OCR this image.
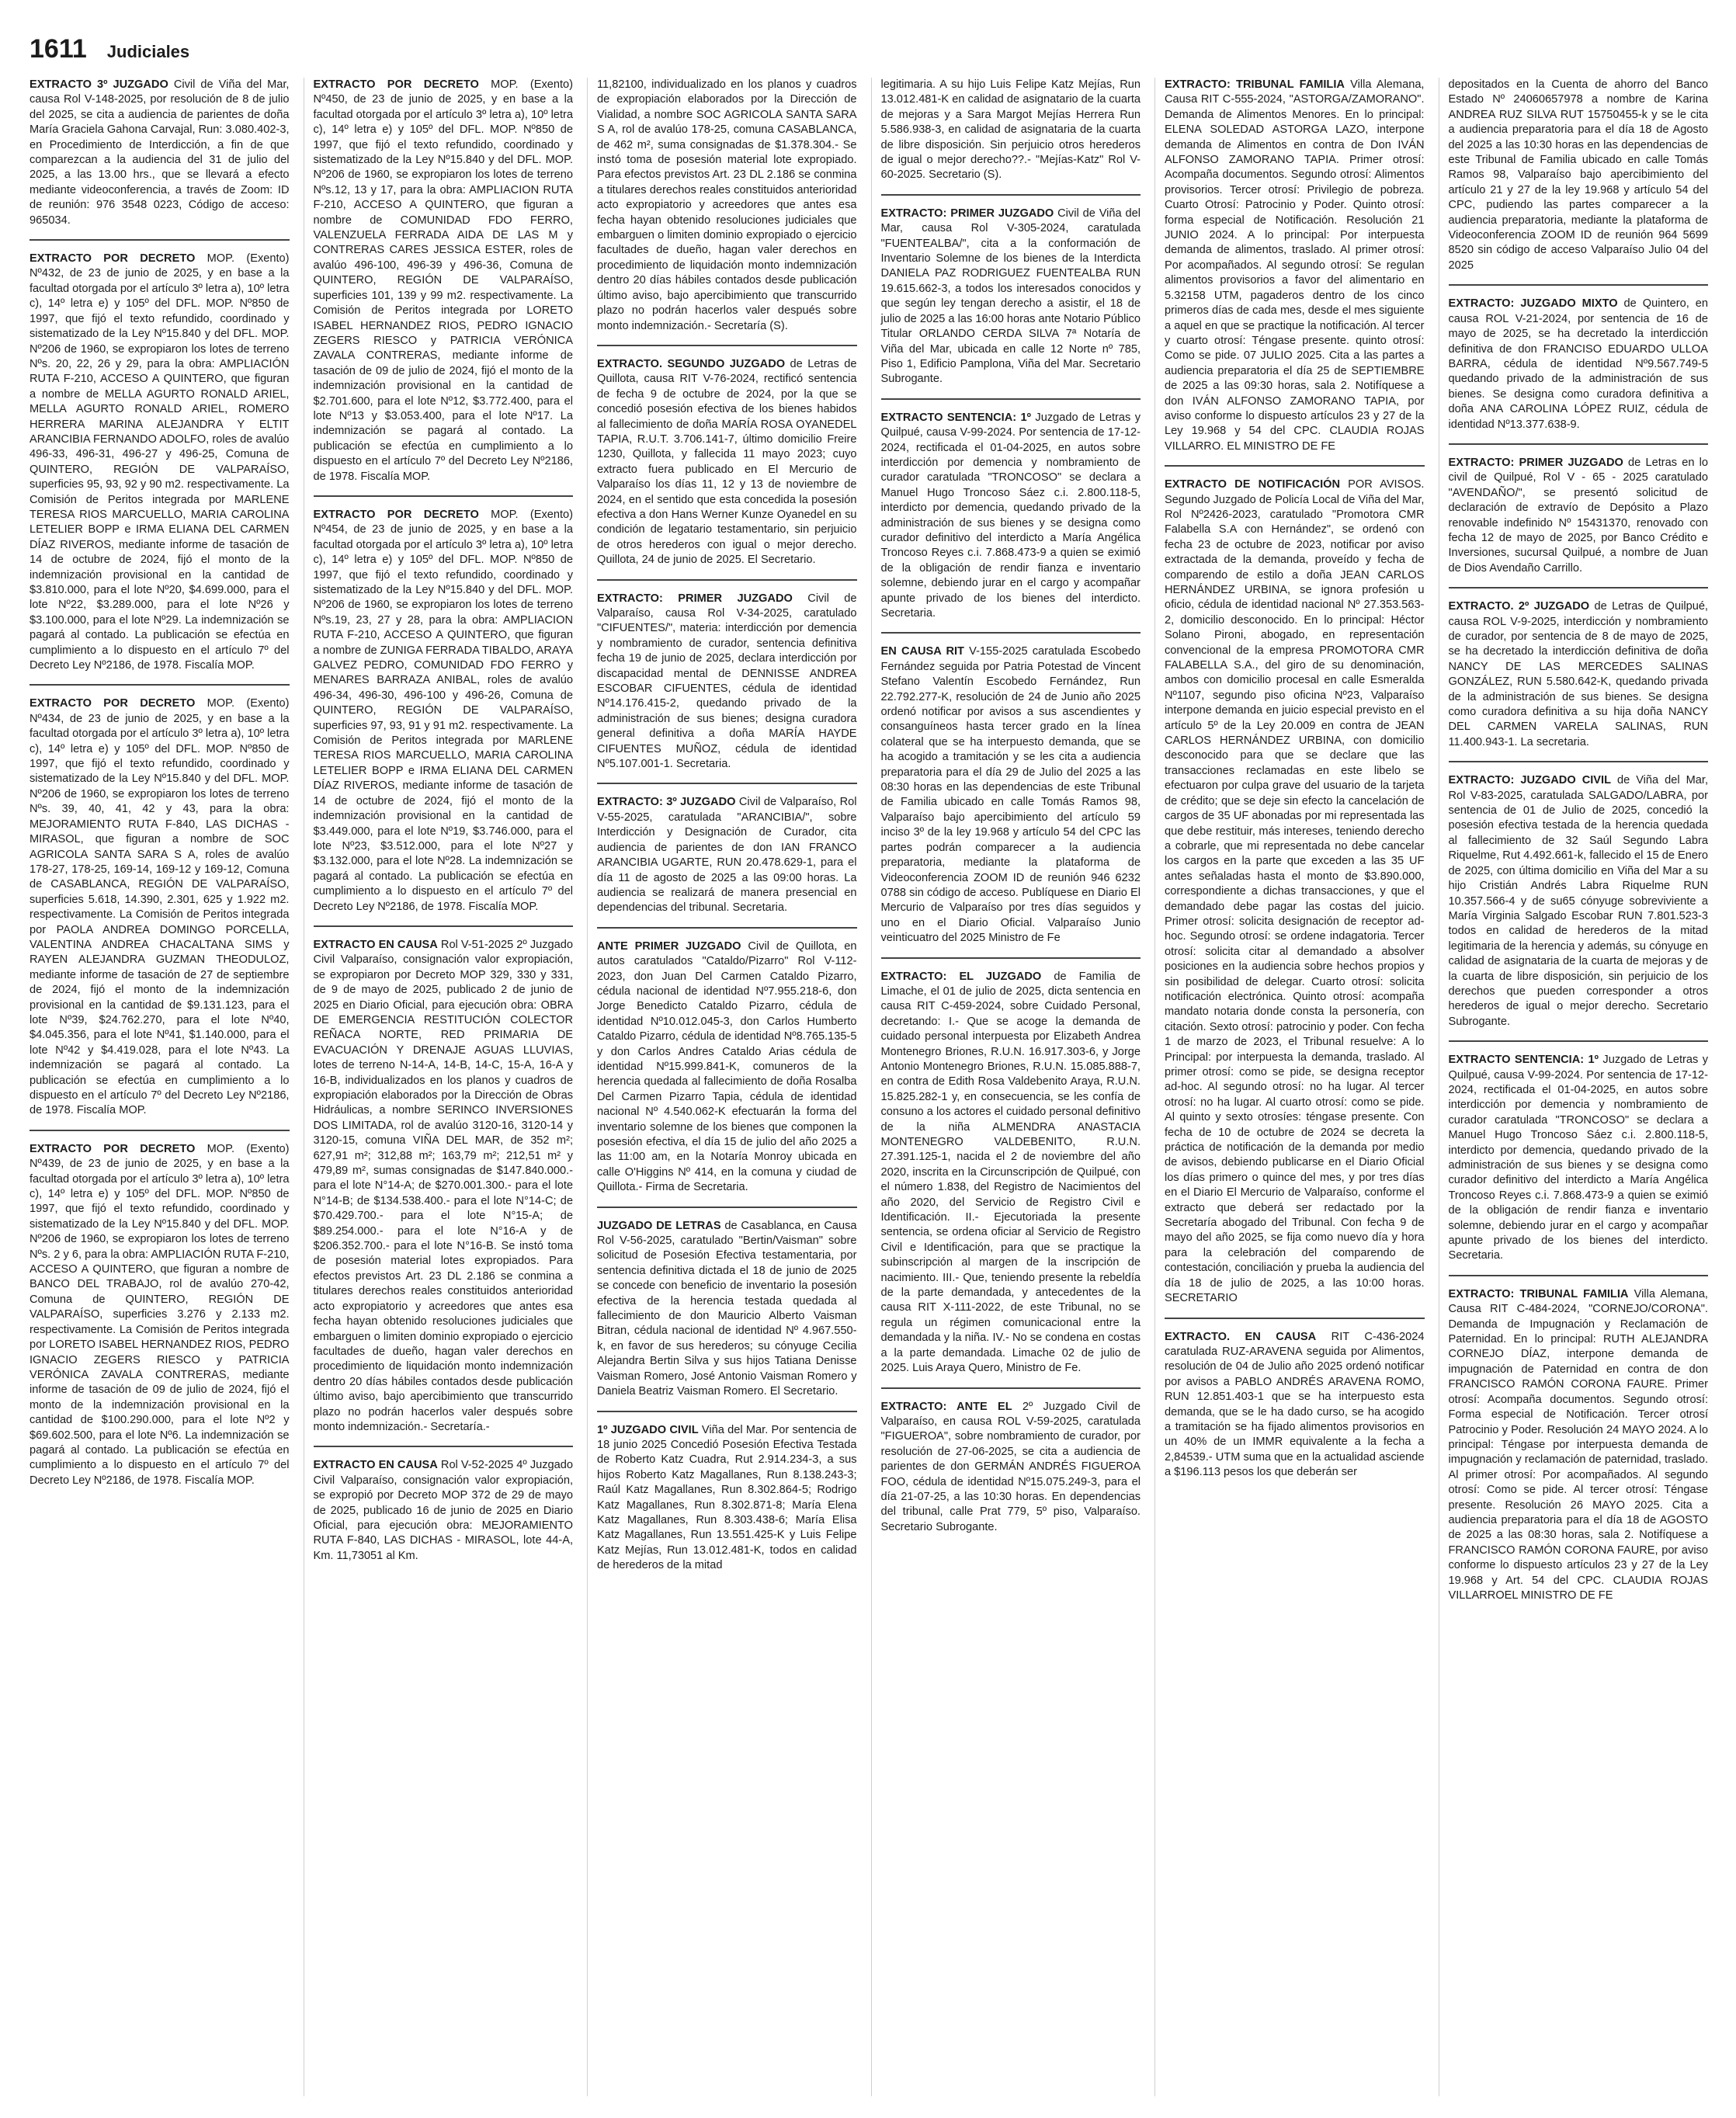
1611 Judiciales

EXTRACTO 3º JUZGADO Civil de Viña del Mar, causa Rol V-148-2025, por resolución de 8 de julio del 2025, se cita a audiencia de parientes de doña María Graciela Gahona Carvajal, Run: 3.080.402-3, en Procedimiento de Interdicción, a fin de que comparezcan a la audiencia del 31 de julio del 2025, a las 13.00 hrs., que se llevará a efecto mediante videoconferencia, a través de Zoom: ID de reunión: 976 3548 0223, Código de acceso: 965034.

EXTRACTO POR DECRETO MOP. (Exento) Nº432, de 23 de junio de 2025, y en base a la facultad otorgada por el artículo 3º letra a), 10º letra c), 14º letra e) y 105º del DFL. MOP. Nº850 de 1997, que fijó el texto refundido, coordinado y sistematizado de la Ley Nº15.840 y del DFL. MOP. Nº206 de 1960, se expropiaron los lotes de terreno Nºs. 20, 22, 26 y 29, para la obra: AMPLIACIÓN RUTA F-210, ACCESO A QUINTERO, que figuran a nombre de MELLA AGURTO RONALD ARIEL, MELLA AGURTO RONALD ARIEL, ROMERO HERRERA MARINA ALEJANDRA Y ELTIT ARANCIBIA FERNANDO ADOLFO, roles de avalúo 496-33, 496-31, 496-27 y 496-25, Comuna de QUINTERO, REGIÓN DE VALPARAÍSO, superficies 95, 93, 92 y 90 m2. respectivamente. La Comisión de Peritos integrada por MARLENE TERESA RIOS MARCUELLO, MARIA CAROLINA LETELIER BOPP e IRMA ELIANA DEL CARMEN DÍAZ RIVEROS, mediante informe de tasación de 14 de octubre de 2024, fijó el monto de la indemnización provisional en la cantidad de $3.810.000, para el lote Nº20, $4.699.000, para el lote Nº22, $3.289.000, para el lote Nº26 y $3.100.000, para el lote Nº29. La indemnización se pagará al contado. La publicación se efectúa en cumplimiento a lo dispuesto en el artículo 7º del Decreto Ley Nº2186, de 1978. Fiscalía MOP.

EXTRACTO POR DECRETO MOP. (Exento) Nº434, de 23 de junio de 2025, y en base a la facultad otorgada por el artículo 3º letra a), 10º letra c), 14º letra e) y 105º del DFL. MOP. Nº850 de 1997, que fijó el texto refundido, coordinado y sistematizado de la Ley Nº15.840 y del DFL. MOP. Nº206 de 1960, se expropiaron los lotes de terreno Nºs. 39, 40, 41, 42 y 43, para la obra: MEJORAMIENTO RUTA F-840, LAS DICHAS - MIRASOL, que figuran a nombre de SOC AGRICOLA SANTA SARA S A, roles de avalúo 178-27, 178-25, 169-14, 169-12 y 169-12, Comuna de CASABLANCA, REGIÓN DE VALPARAÍSO, superficies 5.618, 14.390, 2.301, 625 y 1.922 m2. respectivamente. La Comisión de Peritos integrada por PAOLA ANDREA DOMINGO PORCELLA, VALENTINA ANDREA CHACALTANA SIMS y RAYEN ALEJANDRA GUZMAN THEODULOZ, mediante informe de tasación de 27 de septiembre de 2024, fijó el monto de la indemnización provisional en la cantidad de $9.131.123, para el lote Nº39, $24.762.270, para el lote Nº40, $4.045.356, para el lote Nº41, $1.140.000, para el lote Nº42 y $4.419.028, para el lote Nº43. La indemnización se pagará al contado. La publicación se efectúa en cumplimiento a lo dispuesto en el artículo 7º del Decreto Ley Nº2186, de 1978. Fiscalía MOP.

EXTRACTO POR DECRETO MOP. (Exento) Nº439, de 23 de junio de 2025, y en base a la facultad otorgada por el artículo 3º letra a), 10º letra c), 14º letra e) y 105º del DFL. MOP. Nº850 de 1997, que fijó el texto refundido, coordinado y sistematizado de la Ley Nº15.840 y del DFL. MOP. Nº206 de 1960, se expropiaron los lotes de terreno Nºs. 2 y 6, para la obra: AMPLIACIÓN RUTA F-210, ACCESO A QUINTERO, que figuran a nombre de BANCO DEL TRABAJO, rol de avalúo 270-42, Comuna de QUINTERO, REGIÓN DE VALPARAÍSO, superficies 3.276 y 2.133 m2. respectivamente. La Comisión de Peritos integrada por LORETO ISABEL HERNANDEZ RIOS, PEDRO IGNACIO ZEGERS RIESCO y PATRICIA VERÓNICA ZAVALA CONTRERAS, mediante informe de tasación de 09 de julio de 2024, fijó el monto de la indemnización provisional en la cantidad de $100.290.000, para el lote Nº2 y $69.602.500, para el lote Nº6. La indemnización se pagará al contado. La publicación se efectúa en cumplimiento a lo dispuesto en el artículo 7º del Decreto Ley Nº2186, de 1978. Fiscalía MOP.

EXTRACTO POR DECRETO MOP. (Exento) Nº450, de 23 de junio de 2025, y en base a la facultad otorgada por el artículo 3º letra a), 10º letra c), 14º letra e) y 105º del DFL. MOP. Nº850 de 1997, que fijó el texto refundido, coordinado y sistematizado de la Ley Nº15.840 y del DFL. MOP. Nº206 de 1960, se expropiaron los lotes de terreno Nºs.12, 13 y 17, para la obra: AMPLIACION RUTA F-210, ACCESO A QUINTERO, que figuran a nombre de COMUNIDAD FDO FERRO, VALENZUELA FERRADA AIDA DE LAS M y CONTRERAS CARES JESSICA ESTER, roles de avalúo 496-100, 496-39 y 496-36, Comuna de QUINTERO, REGIÓN DE VALPARAÍSO, superficies 101, 139 y 99 m2. respectivamente. La Comisión de Peritos integrada por LORETO ISABEL HERNANDEZ RIOS, PEDRO IGNACIO ZEGERS RIESCO y PATRICIA VERÓNICA ZAVALA CONTRERAS, mediante informe de tasación de 09 de julio de 2024, fijó el monto de la indemnización provisional en la cantidad de $2.701.600, para el lote Nº12, $3.772.400, para el lote Nº13 y $3.053.400, para el lote Nº17. La indemnización se pagará al contado. La publicación se efectúa en cumplimiento a lo dispuesto en el artículo 7º del Decreto Ley Nº2186, de 1978. Fiscalía MOP.

EXTRACTO POR DECRETO MOP. (Exento) Nº454, de 23 de junio de 2025, y en base a la facultad otorgada por el artículo 3º letra a), 10º letra c), 14º letra e) y 105º del DFL. MOP. Nº850 de 1997, que fijó el texto refundido, coordinado y sistematizado de la Ley Nº15.840 y del DFL. MOP. Nº206 de 1960, se expropiaron los lotes de terreno Nºs.19, 23, 27 y 28, para la obra: AMPLIACION RUTA F-210, ACCESO A QUINTERO, que figuran a nombre de ZUNIGA FERRADA TIBALDO, ARAYA GALVEZ PEDRO, COMUNIDAD FDO FERRO y MENARES BARRAZA ANIBAL, roles de avalúo 496-34, 496-30, 496-100 y 496-26, Comuna de QUINTERO, REGIÓN DE VALPARAÍSO, superficies 97, 93, 91 y 91 m2. respectivamente. La Comisión de Peritos integrada por MARLENE TERESA RIOS MARCUELLO, MARIA CAROLINA LETELIER BOPP e IRMA ELIANA DEL CARMEN DÍAZ RIVEROS, mediante informe de tasación de 14 de octubre de 2024, fijó el monto de la indemnización provisional en la cantidad de $3.449.000, para el lote Nº19, $3.746.000, para el lote Nº23, $3.512.000, para el lote Nº27 y $3.132.000, para el lote Nº28. La indemnización se pagará al contado. La publicación se efectúa en cumplimiento a lo dispuesto en el artículo 7º del Decreto Ley Nº2186, de 1978. Fiscalía MOP.

EXTRACTO EN CAUSA Rol V-51-2025 2º Juzgado Civil Valparaíso, consignación valor expropiación, se expropiaron por Decreto MOP 329, 330 y 331, de 9 de mayo de 2025, publicado 2 de junio de 2025 en Diario Oficial, para ejecución obra: OBRA DE EMERGENCIA RESTITUCIÓN COLECTOR REÑACA NORTE, RED PRIMARIA DE EVACUACIÓN Y DRENAJE AGUAS LLUVIAS, lotes de terreno N-14-A, 14-B, 14-C, 15-A, 16-A y 16-B, individualizados en los planos y cuadros de expropiación elaborados por la Dirección de Obras Hidráulicas, a nombre SERINCO INVERSIONES DOS LIMITADA, rol de avalúo 3120-16, 3120-14 y 3120-15, comuna VIÑA DEL MAR, de 352 m²; 627,91 m²; 312,88 m²; 163,79 m²; 212,51 m² y 479,89 m², sumas consignadas de $147.840.000.- para el lote N°14-A; de $270.001.300.- para el lote N°14-B; de $134.538.400.- para el lote N°14-C; de $70.429.700.- para el lote N°15-A; de $89.254.000.- para el lote N°16-A y de $206.352.700.- para el lote N°16-B. Se instó toma de posesión material lotes expropiados. Para efectos previstos Art. 23 DL 2.186 se conmina a titulares derechos reales constituidos anterioridad acto expropiatorio y acreedores que antes esa fecha hayan obtenido resoluciones judiciales que embarguen o limiten dominio expropiado o ejercicio facultades de dueño, hagan valer derechos en procedimiento de liquidación monto indemnización dentro 20 días hábiles contados desde publicación último aviso, bajo apercibimiento que transcurrido plazo no podrán hacerlos valer después sobre monto indemnización.- Secretaría.-

EXTRACTO EN CAUSA Rol V-52-2025 4º Juzgado Civil Valparaíso, consignación valor expropiación, se expropió por Decreto MOP 372 de 29 de mayo de 2025, publicado 16 de junio de 2025 en Diario Oficial, para ejecución obra: MEJORAMIENTO RUTA F-840, LAS DICHAS - MIRASOL, lote 44-A, Km. 11,73051 al Km.

11,82100, individualizado en los planos y cuadros de expropiación elaborados por la Dirección de Vialidad, a nombre SOC AGRICOLA SANTA SARA S A, rol de avalúo 178-25, comuna CASABLANCA, de 462 m², suma consignadas de $1.378.304.- Se instó toma de posesión material lote expropiado. Para efectos previstos Art. 23 DL 2.186 se conmina a titulares derechos reales constituidos anterioridad acto expropiatorio y acreedores que antes esa fecha hayan obtenido resoluciones judiciales que embarguen o limiten dominio expropiado o ejercicio facultades de dueño, hagan valer derechos en procedimiento de liquidación monto indemnización dentro 20 días hábiles contados desde publicación último aviso, bajo apercibimiento que transcurrido plazo no podrán hacerlos valer después sobre monto indemnización.- Secretaría (S).

EXTRACTO. SEGUNDO JUZGADO de Letras de Quillota, causa RIT V-76-2024, rectificó sentencia de fecha 9 de octubre de 2024, por la que se concedió posesión efectiva de los bienes habidos al fallecimiento de doña MARÍA ROSA OYANEDEL TAPIA, R.U.T. 3.706.141-7, último domicilio Freire 1230, Quillota, y fallecida 11 mayo 2023; cuyo extracto fuera publicado en El Mercurio de Valparaíso los días 11, 12 y 13 de noviembre de 2024, en el sentido que esta concedida la posesión efectiva a don Hans Werner Kunze Oyanedel en su condición de legatario testamentario, sin perjuicio de otros herederos con igual o mejor derecho. Quillota, 24 de junio de 2025. El Secretario.

EXTRACTO: PRIMER JUZGADO Civil de Valparaíso, causa Rol V-34-2025, caratulado "CIFUENTES/", materia: interdicción por demencia y nombramiento de curador, sentencia definitiva fecha 19 de junio de 2025, declara interdicción por discapacidad mental de DENNISSE ANDREA ESCOBAR CIFUENTES, cédula de identidad Nº14.176.415-2, quedando privado de la administración de sus bienes; designa curadora general definitiva a doña MARÍA HAYDE CIFUENTES MUÑOZ, cédula de identidad Nº5.107.001-1. Secretaria.

EXTRACTO: 3º JUZGADO Civil de Valparaíso, Rol V-55-2025, caratulada "ARANCIBIA/", sobre Interdicción y Designación de Curador, cita audiencia de parientes de don IAN FRANCO ARANCIBIA UGARTE, RUN 20.478.629-1, para el día 11 de agosto de 2025 a las 09:00 horas. La audiencia se realizará de manera presencial en dependencias del tribunal. Secretaria.

ANTE PRIMER JUZGADO Civil de Quillota, en autos caratulados "Cataldo/Pizarro" Rol V-112-2023, don Juan Del Carmen Cataldo Pizarro, cédula nacional de identidad Nº7.955.218-6, don Jorge Benedicto Cataldo Pizarro, cédula de identidad Nº10.012.045-3, don Carlos Humberto Cataldo Pizarro, cédula de identidad Nº8.765.135-5 y don Carlos Andres Cataldo Arias cédula de identidad Nº15.999.841-K, comuneros de la herencia quedada al fallecimiento de doña Rosalba Del Carmen Pizarro Tapia, cédula de identidad nacional Nº 4.540.062-K efectuarán la forma del inventario solemne de los bienes que componen la posesión efectiva, el día 15 de julio del año 2025 a las 11:00 am, en la Notaría Monroy ubicada en calle O'Higgins Nº 414, en la comuna y ciudad de Quillota.- Firma de Secretaria.

JUZGADO DE LETRAS de Casablanca, en Causa Rol V-56-2025, caratulado "Bertin/Vaisman" sobre solicitud de Posesión Efectiva testamentaria, por sentencia definitiva dictada el 18 de junio de 2025 se concede con beneficio de inventario la posesión efectiva de la herencia testada quedada al fallecimiento de don Mauricio Alberto Vaisman Bitran, cédula nacional de identidad Nº 4.967.550-k, en favor de sus herederos; su cónyuge Cecilia Alejandra Bertin Silva y sus hijos Tatiana Denisse Vaisman Romero, José Antonio Vaisman Romero y Daniela Beatriz Vaisman Romero. El Secretario.

1º JUZGADO CIVIL Viña del Mar. Por sentencia de 18 junio 2025 Concedió Posesión Efectiva Testada de Roberto Katz Cuadra, Rut 2.914.234-3, a sus hijos Roberto Katz Magallanes, Run 8.138.243-3; Raúl Katz Magallanes, Run 8.302.864-5; Rodrigo Katz Magallanes, Run 8.302.871-8; María Elena Katz Magallanes, Run 8.303.438-6; María Elisa Katz Magallanes, Run 13.551.425-K y Luis Felipe Katz Mejías, Run 13.012.481-K, todos en calidad de herederos de la mitad

legitimaria. A su hijo Luis Felipe Katz Mejías, Run 13.012.481-K en calidad de asignatario de la cuarta de mejoras y a Sara Margot Mejías Herrera Run 5.586.938-3, en calidad de asignataria de la cuarta de libre disposición. Sin perjuicio otros herederos de igual o mejor derecho??.- "Mejías-Katz" Rol V-60-2025. Secretario (S).

EXTRACTO: PRIMER JUZGADO Civil de Viña del Mar, causa Rol V-305-2024, caratulada "FUENTEALBA/", cita a la conformación de Inventario Solemne de los bienes de la Interdicta DANIELA PAZ RODRIGUEZ FUENTEALBA RUN 19.615.662-3, a todos los interesados conocidos y que según ley tengan derecho a asistir, el 18 de julio de 2025 a las 16:00 horas ante Notario Público Titular ORLANDO CERDA SILVA 7ª Notaría de Viña del Mar, ubicada en calle 12 Norte nº 785, Piso 1, Edificio Pamplona, Viña del Mar. Secretario Subrogante.

EXTRACTO SENTENCIA: 1º Juzgado de Letras y Quilpué, causa V-99-2024. Por sentencia de 17-12-2024, rectificada el 01-04-2025, en autos sobre interdicción por demencia y nombramiento de curador caratulada "TRONCOSO" se declara a Manuel Hugo Troncoso Sáez c.i. 2.800.118-5, interdicto por demencia, quedando privado de la administración de sus bienes y se designa como curador definitivo del interdicto a María Angélica Troncoso Reyes c.i. 7.868.473-9 a quien se eximió de la obligación de rendir fianza e inventario solemne, debiendo jurar en el cargo y acompañar apunte privado de los bienes del interdicto. Secretaria.

EN CAUSA RIT V-155-2025 caratulada Escobedo Fernández seguida por Patria Potestad de Vincent Stefano Valentín Escobedo Fernández, Run 22.792.277-K, resolución de 24 de Junio año 2025 ordenó notificar por avisos a sus ascendientes y consanguíneos hasta tercer grado en la línea colateral que se ha interpuesto demanda, que se ha acogido a tramitación y se les cita a audiencia preparatoria para el día 29 de Julio del 2025 a las 08:30 horas en las dependencias de este Tribunal de Familia ubicado en calle Tomás Ramos 98, Valparaíso bajo apercibimiento del artículo 59 inciso 3º de la ley 19.968 y artículo 54 del CPC las partes podrán comparecer a la audiencia preparatoria, mediante la plataforma de Videoconferencia ZOOM ID de reunión 946 6232 0788 sin código de acceso. Publíquese en Diario El Mercurio de Valparaíso por tres días seguidos y uno en el Diario Oficial. Valparaíso Junio veinticuatro del 2025 Ministro de Fe

EXTRACTO: EL JUZGADO de Familia de Limache, el 01 de julio de 2025, dicta sentencia en causa RIT C-459-2024, sobre Cuidado Personal, decretando: I.- Que se acoge la demanda de cuidado personal interpuesta por Elizabeth Andrea Montenegro Briones, R.U.N. 16.917.303-6, y Jorge Antonio Montenegro Briones, R.U.N. 15.085.888-7, en contra de Edith Rosa Valdebenito Araya, R.U.N. 15.825.282-1 y, en consecuencia, se les confía de consuno a los actores el cuidado personal definitivo de la niña ALMENDRA ANASTACIA MONTENEGRO VALDEBENITO, R.U.N. 27.391.125-1, nacida el 2 de noviembre del año 2020, inscrita en la Circunscripción de Quilpué, con el número 1.838, del Registro de Nacimientos del año 2020, del Servicio de Registro Civil e Identificación. II.- Ejecutoriada la presente sentencia, se ordena oficiar al Servicio de Registro Civil e Identificación, para que se practique la subinscripción al margen de la inscripción de nacimiento. III.- Que, teniendo presente la rebeldía de la parte demandada, y antecedentes de la causa RIT X-111-2022, de este Tribunal, no se regula un régimen comunicacional entre la demandada y la niña. IV.- No se condena en costas a la parte demandada. Limache 02 de julio de 2025. Luis Araya Quero, Ministro de Fe.

EXTRACTO: ANTE EL 2º Juzgado Civil de Valparaíso, en causa ROL V-59-2025, caratulada "FIGUEROA", sobre nombramiento de curador, por resolución de 27-06-2025, se cita a audiencia de parientes de don GERMÁN ANDRÉS FIGUEROA FOO, cédula de identidad Nº15.075.249-3, para el día 21-07-25, a las 10:30 horas. En dependencias del tribunal, calle Prat 779, 5º piso, Valparaíso. Secretario Subrogante.

EXTRACTO: TRIBUNAL FAMILIA Villa Alemana, Causa RIT C-555-2024, "ASTORGA/ZAMORANO". Demanda de Alimentos Menores. En lo principal: ELENA SOLEDAD ASTORGA LAZO, interpone demanda de Alimentos en contra de Don IVÁN ALFONSO ZAMORANO TAPIA. Primer otrosí: Acompaña documentos. Segundo otrosí: Alimentos provisorios. Tercer otrosí: Privilegio de pobreza. Cuarto Otrosí: Patrocinio y Poder. Quinto otrosí: forma especial de Notificación. Resolución 21 JUNIO 2024. A lo principal: Por interpuesta demanda de alimentos, traslado. Al primer otrosí: Por acompañados. Al segundo otrosí: Se regulan alimentos provisorios a favor del alimentario en 5.32158 UTM, pagaderos dentro de los cinco primeros días de cada mes, desde el mes siguiente a aquel en que se practique la notificación. Al tercer y cuarto otrosí: Téngase presente. quinto otrosí: Como se pide. 07 JULIO 2025. Cita a las partes a audiencia preparatoria el día 25 de SEPTIEMBRE de 2025 a las 09:30 horas, sala 2. Notifíquese a don IVÁN ALFONSO ZAMORANO TAPIA, por aviso conforme lo dispuesto artículos 23 y 27 de la Ley 19.968 y 54 del CPC. CLAUDIA ROJAS VILLARRO. EL MINISTRO DE FE

EXTRACTO DE NOTIFICACIÓN POR AVISOS. Segundo Juzgado de Policía Local de Viña del Mar, Rol Nº2426-2023, caratulado "Promotora CMR Falabella S.A con Hernández", se ordenó con fecha 23 de octubre de 2023, notificar por aviso extractada de la demanda, proveído y fecha de comparendo de estilo a doña JEAN CARLOS HERNÁNDEZ URBINA, se ignora profesión u oficio, cédula de identidad nacional Nº 27.353.563-2, domicilio desconocido. En lo principal: Héctor Solano Pironi, abogado, en representación convencional de la empresa PROMOTORA CMR FALABELLA S.A., del giro de su denominación, ambos con domicilio procesal en calle Esmeralda Nº1107, segundo piso oficina Nº23, Valparaíso interpone demanda en juicio especial previsto en el artículo 5º de la Ley 20.009 en contra de JEAN CARLOS HERNÁNDEZ URBINA, con domicilio desconocido para que se declare que las transacciones reclamadas en este libelo se efectuaron por culpa grave del usuario de la tarjeta de crédito; que se deje sin efecto la cancelación de cargos de 35 UF abonadas por mi representada las que debe restituir, más intereses, teniendo derecho a cobrarle, que mi representada no debe cancelar los cargos en la parte que exceden a las 35 UF antes señaladas hasta el monto de $3.890.000, correspondiente a dichas transacciones, y que el demandado debe pagar las costas del juicio. Primer otrosí: solicita designación de receptor ad-hoc. Segundo otrosí: se ordene indagatoria. Tercer otrosí: solicita citar al demandado a absolver posiciones en la audiencia sobre hechos propios y sin posibilidad de delegar. Cuarto otrosí: solicita notificación electrónica. Quinto otrosí: acompaña mandato notaria donde consta la personería, con citación. Sexto otrosí: patrocinio y poder. Con fecha 1 de marzo de 2023, el Tribunal resuelve: A lo Principal: por interpuesta la demanda, traslado. Al primer otrosí: como se pide, se designa receptor ad-hoc. Al segundo otrosí: no ha lugar. Al tercer otrosí: no ha lugar. Al cuarto otrosí: como se pide. Al quinto y sexto otrosíes: téngase presente. Con fecha de 10 de octubre de 2024 se decreta la práctica de notificación de la demanda por medio de avisos, debiendo publicarse en el Diario Oficial los días primero o quince del mes, y por tres días en el Diario El Mercurio de Valparaíso, conforme el extracto que deberá ser redactado por la Secretaría abogado del Tribunal. Con fecha 9 de mayo del año 2025, se fija como nuevo día y hora para la celebración del comparendo de contestación, conciliación y prueba la audiencia del día 18 de julio de 2025, a las 10:00 horas. SECRETARIO

EXTRACTO. EN CAUSA RIT C-436-2024 caratulada RUZ-ARAVENA seguida por Alimentos, resolución de 04 de Julio año 2025 ordenó notificar por avisos a PABLO ANDRÉS ARAVENA ROMO, RUN 12.851.403-1 que se ha interpuesto esta demanda, que se le ha dado curso, se ha acogido a tramitación se ha fijado alimentos provisorios en un 40% de un IMMR equivalente a la fecha a 2,84539.- UTM suma que en la actualidad asciende a $196.113 pesos los que deberán ser

depositados en la Cuenta de ahorro del Banco Estado Nº 24060657978 a nombre de Karina ANDREA RUZ SILVA RUT 15750455-k y se le cita a audiencia preparatoria para el día 18 de Agosto del 2025 a las 10:30 horas en las dependencias de este Tribunal de Familia ubicado en calle Tomás Ramos 98, Valparaíso bajo apercibimiento del artículo 21 y 27 de la ley 19.968 y artículo 54 del CPC, pudiendo las partes comparecer a la audiencia preparatoria, mediante la plataforma de Videoconferencia ZOOM ID de reunión 964 5699 8520 sin código de acceso Valparaíso Julio 04 del 2025

EXTRACTO: JUZGADO MIXTO de Quintero, en causa ROL V-21-2024, por sentencia de 16 de mayo de 2025, se ha decretado la interdicción definitiva de don FRANCISO EDUARDO ULLOA BARRA, cédula de identidad Nº9.567.749-5 quedando privado de la administración de sus bienes. Se designa como curadora definitiva a doña ANA CAROLINA LÓPEZ RUIZ, cédula de identidad Nº13.377.638-9.

EXTRACTO: PRIMER JUZGADO de Letras en lo civil de Quilpué, Rol V - 65 - 2025 caratulado "AVENDAÑO/", se presentó solicitud de declaración de extravío de Depósito a Plazo renovable indefinido Nº 15431370, renovado con fecha 12 de mayo de 2025, por Banco Crédito e Inversiones, sucursal Quilpué, a nombre de Juan de Dios Avendaño Carrillo.

EXTRACTO. 2º JUZGADO de Letras de Quilpué, causa ROL V-9-2025, interdicción y nombramiento de curador, por sentencia de 8 de mayo de 2025, se ha decretado la interdicción definitiva de doña NANCY DE LAS MERCEDES SALINAS GONZÁLEZ, RUN 5.580.642-K, quedando privada de la administración de sus bienes. Se designa como curadora definitiva a su hija doña NANCY DEL CARMEN VARELA SALINAS, RUN 11.400.943-1. La secretaria.

EXTRACTO: JUZGADO CIVIL de Viña del Mar, Rol V-83-2025, caratulada SALGADO/LABRA, por sentencia de 01 de Julio de 2025, concedió la posesión efectiva testada de la herencia quedada al fallecimiento de 32 Saúl Segundo Labra Riquelme, Rut 4.492.661-k, fallecido el 15 de Enero de 2025, con última domicilio en Viña del Mar a su hijo Cristián Andrés Labra Riquelme RUN 10.357.566-4 y de su65 cónyuge sobreviviente a María Virginia Salgado Escobar RUN 7.801.523-3 todos en calidad de herederos de la mitad legitimaria de la herencia y además, su cónyuge en calidad de asignataria de la cuarta de mejoras y de la cuarta de libre disposición, sin perjuicio de los derechos que pueden corresponder a otros herederos de igual o mejor derecho. Secretario Subrogante.

EXTRACTO SENTENCIA: 1º Juzgado de Letras y Quilpué, causa V-99-2024. Por sentencia de 17-12-2024, rectificada el 01-04-2025, en autos sobre interdicción por demencia y nombramiento de curador caratulada "TRONCOSO" se declara a Manuel Hugo Troncoso Sáez c.i. 2.800.118-5, interdicto por demencia, quedando privado de la administración de sus bienes y se designa como curador definitivo del interdicto a María Angélica Troncoso Reyes c.i. 7.868.473-9 a quien se eximió de la obligación de rendir fianza e inventario solemne, debiendo jurar en el cargo y acompañar apunte privado de los bienes del interdicto. Secretaria.

EXTRACTO: TRIBUNAL FAMILIA Villa Alemana, Causa RIT C-484-2024, "CORNEJO/CORONA". Demanda de Impugnación y Reclamación de Paternidad. En lo principal: RUTH ALEJANDRA CORNEJO DÍAZ, interpone demanda de impugnación de Paternidad en contra de don FRANCISCO RAMÓN CORONA FAURE. Primer otrosí: Acompaña documentos. Segundo otrosí: Forma especial de Notificación. Tercer otrosí Patrocinio y Poder. Resolución 24 MAYO 2024. A lo principal: Téngase por interpuesta demanda de impugnación y reclamación de paternidad, traslado. Al primer otrosí: Por acompañados. Al segundo otrosí: Como se pide. Al tercer otrosí: Téngase presente. Resolución 26 MAYO 2025. Cita a audiencia preparatoria para el día 18 de AGOSTO de 2025 a las 08:30 horas, sala 2. Notifíquese a FRANCISCO RAMÓN CORONA FAURE, por aviso conforme lo dispuesto artículos 23 y 27 de la Ley 19.968 y Art. 54 del CPC. CLAUDIA ROJAS VILLARROEL MINISTRO DE FE
